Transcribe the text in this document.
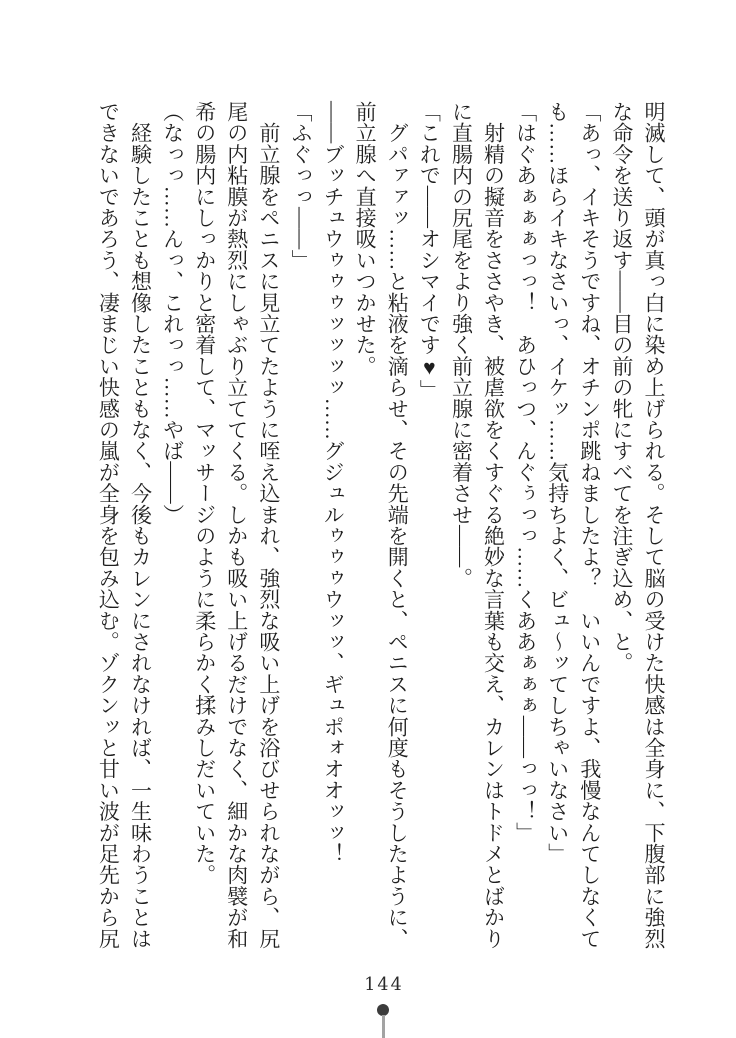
明滅して、頭が真っ白に染め上げられる。そして脳の受けた快感は全身に、下腹部に強烈な命令を送り返す――目の前の牝にすべてを注ぎ込め、と。

「あっ、イキそうですね、オチンポ跳ねましたよ？　いいんですよ、我慢なんてしなくても……ほらイキなさいっ、イケッ……気持ちよく、ビュ～ッてしちゃいなさい」

「はぐあぁぁぁっっ！　あひっつ、んぐぅっっ……くああぁぁぁ――っっ！」

　射精の擬音をささやき、被虐欲をくすぐる絶妙な言葉も交え、カレンはトドメとばかりに直腸内の尻尾をより強く前立腺に密着させ――。

「これで――オシマイです♥」

　グパァァッ……と粘液を滴らせ、その先端を開くと、ペニスに何度もそうしたように、前立腺へ直接吸いつかせた。

――ブッチュウゥゥゥッッッッ……グジュルゥゥゥウッッ、ギュポォオオッッ！

「ふぐっっ――」

　前立腺をペニスに見立てたように咥え込まれ、強烈な吸い上げを浴びせられながら、尻尾の内粘膜が熱烈にしゃぶり立ててくる。しかも吸い上げるだけでなく、細かな肉襞が和希の腸内にしっかりと密着して、マッサージのように柔らかく揉みしだいていた。

（なっっ……んっ、これっっ……やば――）

　経験したことも想像したこともなく、今後もカレンにされなければ、一生味わうことはできないであろう、凄まじい快感の嵐が全身を包み込む。ゾクンッと甘い波が足先から尻

144
